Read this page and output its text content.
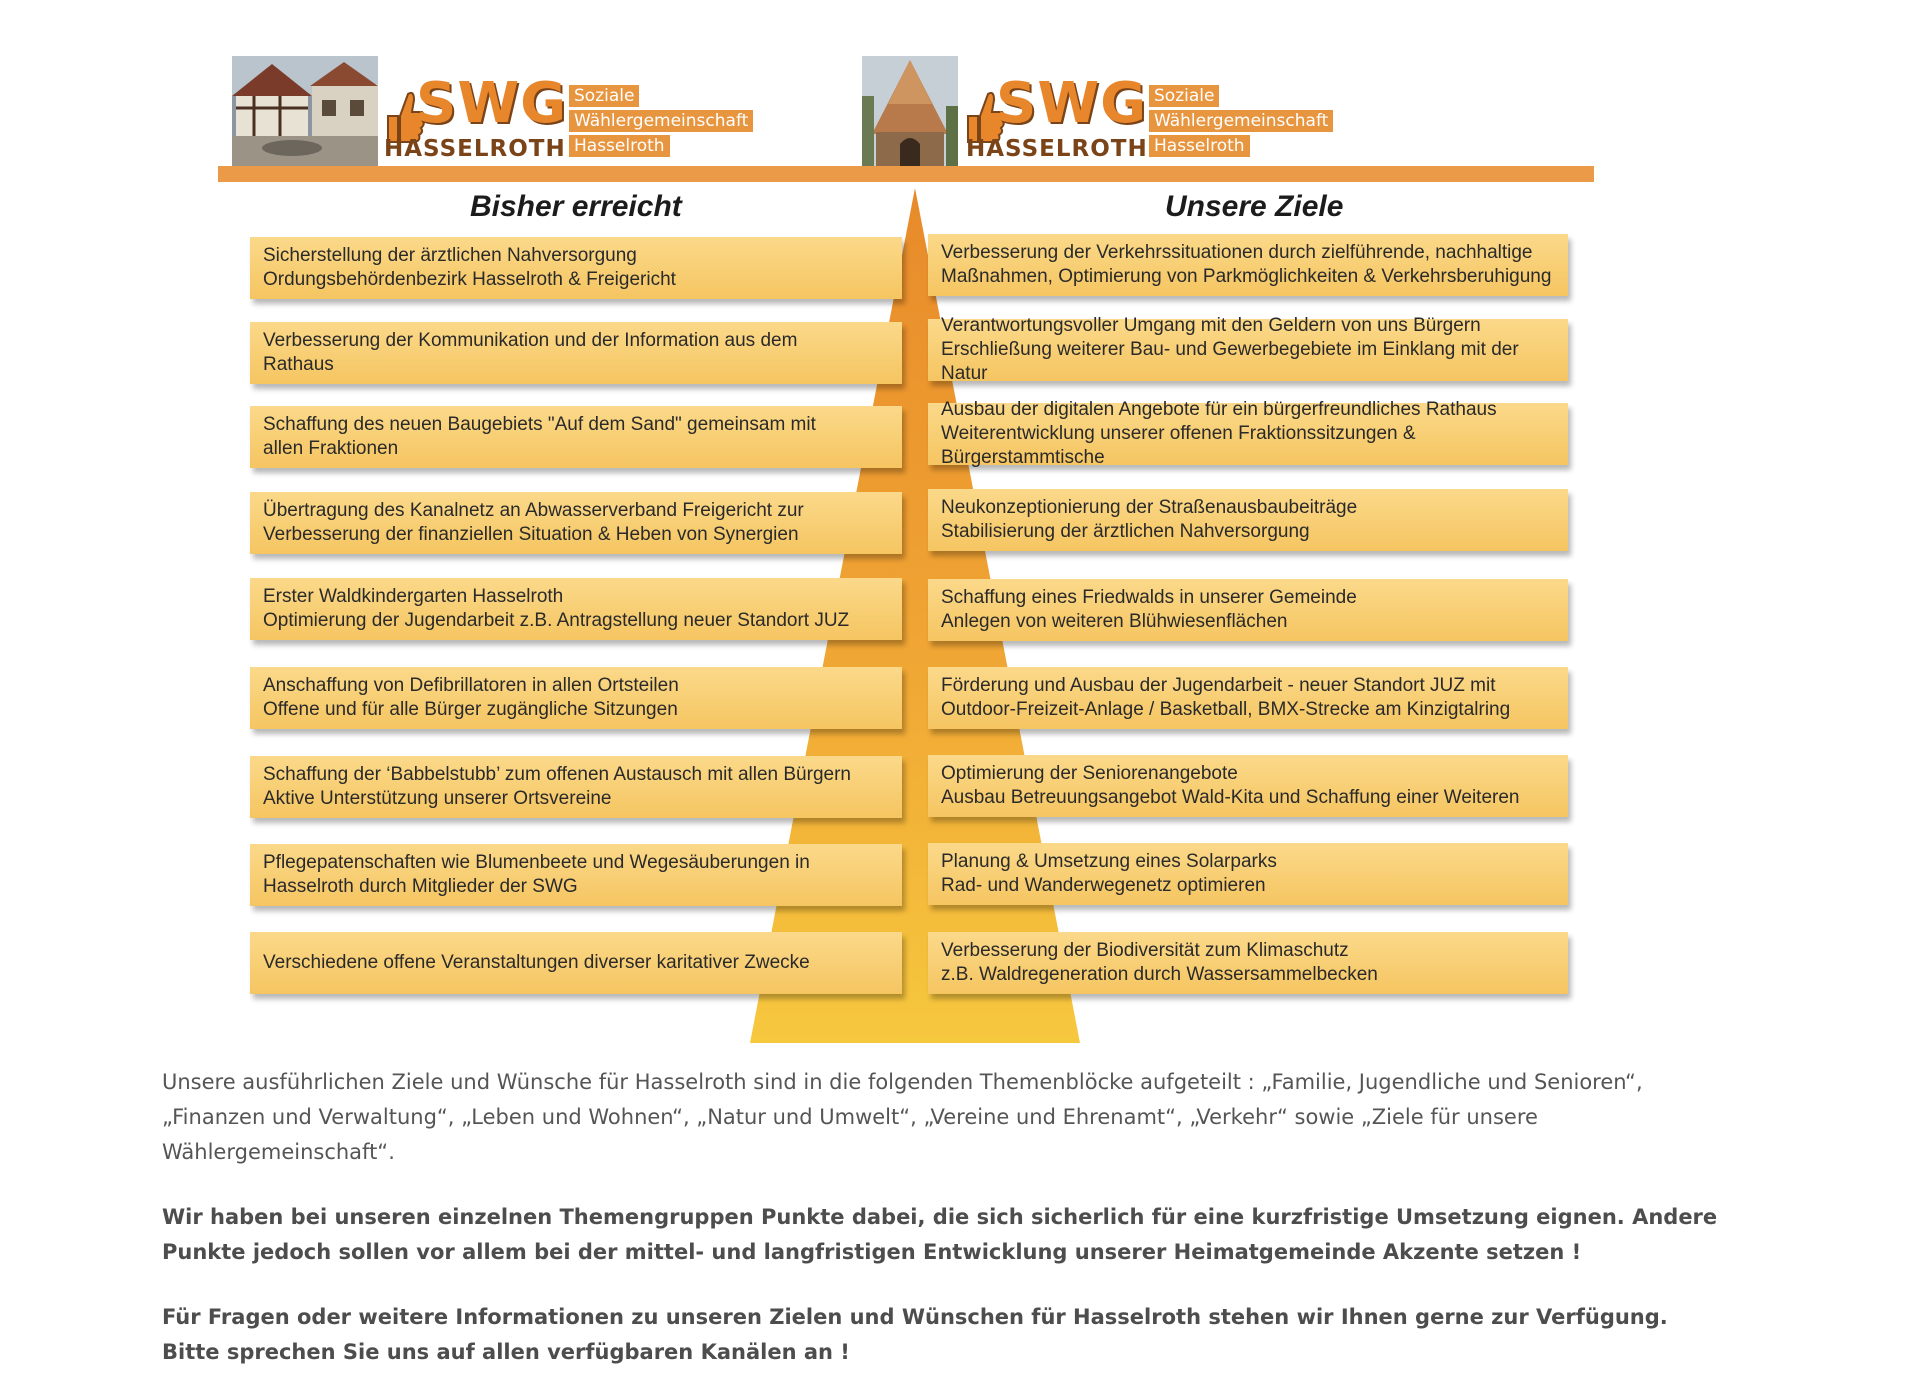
SWG
HASSELROTH
Soziale
Wählergemeinschaft
Hasselroth
SWG
HASSELROTH
Soziale
Wählergemeinschaft
Hasselroth
Bisher erreicht	Unsere Ziele
Sicherstellung der ärztlichen Nahversorgung
Ordungsbehördenbezirk Hasselroth & Freigericht
Verbesserung der Kommunikation und der Information aus dem
Rathaus
Schaffung des neuen Baugebiets "Auf dem Sand" gemeinsam mit
allen Fraktionen
Übertragung des Kanalnetz an Abwasserverband Freigericht zur
Verbesserung der finanziellen Situation & Heben von Synergien
Erster Waldkindergarten Hasselroth
Optimierung der Jugendarbeit z.B. Antragstellung neuer Standort JUZ
Anschaffung von Defibrillatoren in allen Ortsteilen
Offene und für alle Bürger zugängliche Sitzungen
Schaffung der ‘Babbelstubb’ zum offenen Austausch mit allen Bürgern
Aktive Unterstützung unserer Ortsvereine
Pflegepatenschaften wie Blumenbeete und Wegesäuberungen in
Hasselroth durch Mitglieder der SWG
Verschiedene offene Veranstaltungen diverser karitativer Zwecke
Verbesserung der Verkehrssituationen durch zielführende, nachhaltige
Maßnahmen, Optimierung von Parkmöglichkeiten & Verkehrsberuhigung
Verantwortungsvoller Umgang mit den Geldern von uns Bürgern
Erschließung weiterer Bau- und Gewerbegebiete im Einklang mit der Natur
Ausbau der digitalen Angebote für ein bürgerfreundliches Rathaus
Weiterentwicklung unserer offenen Fraktionssitzungen & Bürgerstammtische
Neukonzeptionierung der Straßenausbaubeiträge
Stabilisierung der ärztlichen Nahversorgung
Schaffung eines Friedwalds in unserer Gemeinde
Anlegen von weiteren Blühwiesenflächen
Förderung und Ausbau der Jugendarbeit - neuer Standort JUZ mit
Outdoor-Freizeit-Anlage / Basketball, BMX-Strecke am Kinzigtalring
Optimierung der Seniorenangebote
Ausbau Betreuungsangebot Wald-Kita und Schaffung einer Weiteren
Planung & Umsetzung eines Solarparks
Rad- und Wanderwegenetz optimieren
Verbesserung der Biodiversität zum Klimaschutz
z.B. Waldregeneration durch Wassersammelbecken

Unsere ausführlichen Ziele und Wünsche für Hasselroth sind in die folgenden Themenblöcke aufgeteilt : „Familie, Jugendliche und Senioren“, „Finanzen und Verwaltung“, „Leben und Wohnen“, „Natur und Umwelt“, „Vereine und Ehrenamt“, „Verkehr“ sowie „Ziele für unsere Wählergemeinschaft“.

Wir haben bei unseren einzelnen Themengruppen Punkte dabei, die sich sicherlich für eine kurzfristige Umsetzung eignen. Andere Punkte jedoch sollen vor allem bei der mittel- und langfristigen Entwicklung unserer Heimatgemeinde Akzente setzen !

Für Fragen oder weitere Informationen zu unseren Zielen und Wünschen für Hasselroth stehen wir Ihnen gerne zur Verfügung. Bitte sprechen Sie uns auf allen verfügbaren Kanälen an !
